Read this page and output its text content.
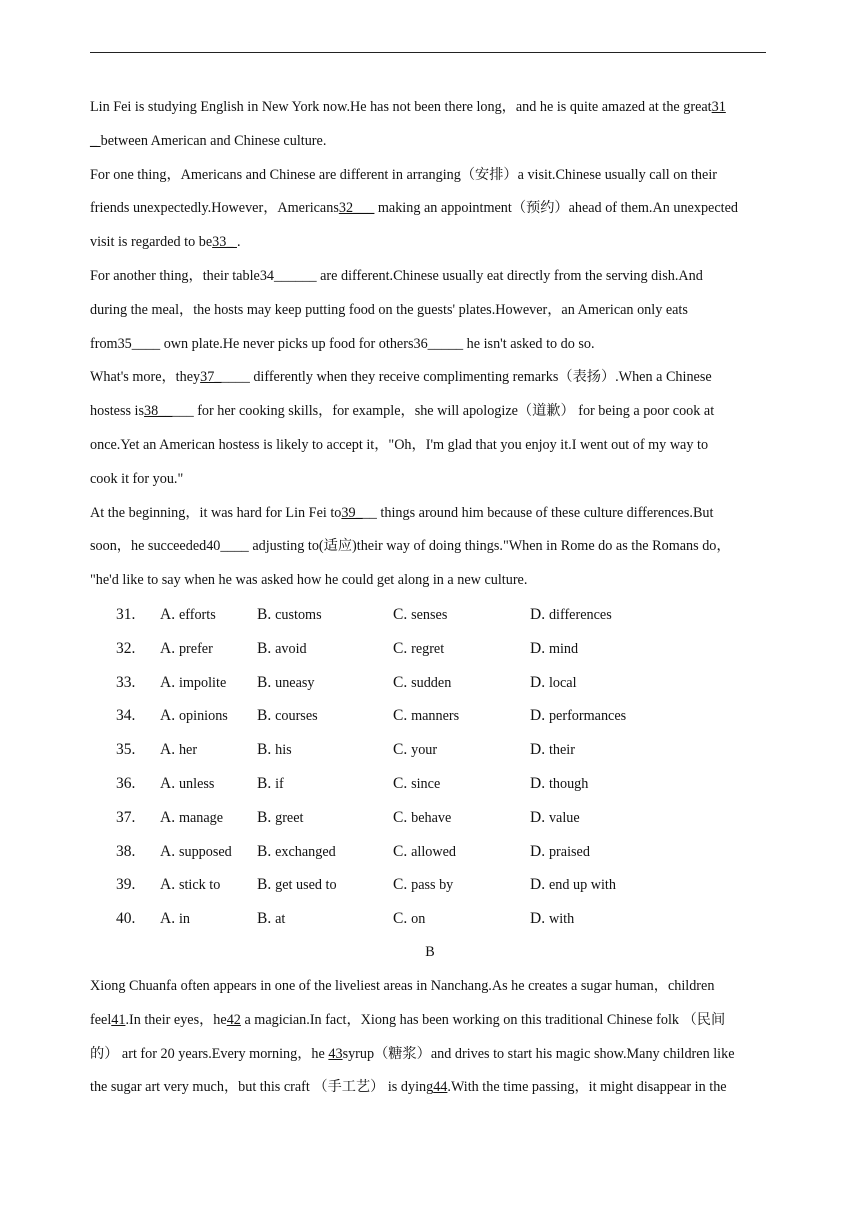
Lin Fei is studying English in New York now.He has not been there long，and he is quite amazed at the great31
_ between American and Chinese culture.
For one thing，Americans and Chinese are different in arranging（安排）a visit.Chinese usually call on their
friends unexpectedly.However，Americans32___ making an appointment（预约）ahead of them.An unexpected
visit is regarded to be33_ .
For another thing，their table34______ are different.Chinese usually eat directly from the serving dish.And
during the meal，the hosts may keep putting food on the guests' plates.However，an American only eats
from35____ own plate.He never picks up food for others36_____ he isn't asked to do so.
What's more，they37_____ differently when they receive complimenting remarks（表扬）.When a Chinese
hostess is38_____ for her cooking skills，for example，she will apologize（道歉） for being a poor cook at
once.Yet an American hostess is likely to accept it，"Oh，I'm glad that you enjoy it.I went out of my way to
cook it for you."
At the beginning，it was hard for Lin Fei to39___ things around him because of these culture differences.But
soon，he succeeded40____ adjusting to(适应)their way of doing things."When in Rome do as the Romans do，
"he'd like to say when he was asked how he could get along in a new culture.
31. A. efforts	B. customs	C. senses	D. differences
32. A. prefer	B. avoid	C. regret	D. mind
33. A. impolite B. uneasy	C. sudden	D. local
34. A. opinions B. courses	C. manners	D. performances
35. A. her	B. his	C. your	D. their
36. A. unless	B. if	C. since	D. though
37. A. manage B. greet	C. behave	D. value
38. A. supposed B. exchanged	C. allowed	D. praised
39. A. stick to B. get used to	C. pass by	D. end up with
40. A. in	B. at	C. on	D. with
B
Xiong Chuanfa often appears in one of the liveliest areas in Nanchang.As he creates a sugar human，children
feel41.In their eyes，he42 a magician.In fact，Xiong has been working on this traditional Chinese folk （民间
的） art for 20 years.Every morning，he 43syrup（糖浆）and drives to start his magic show.Many children like
the sugar art very much，but this craft （手工艺） is dying44.With the time passing，it might disappear in the
